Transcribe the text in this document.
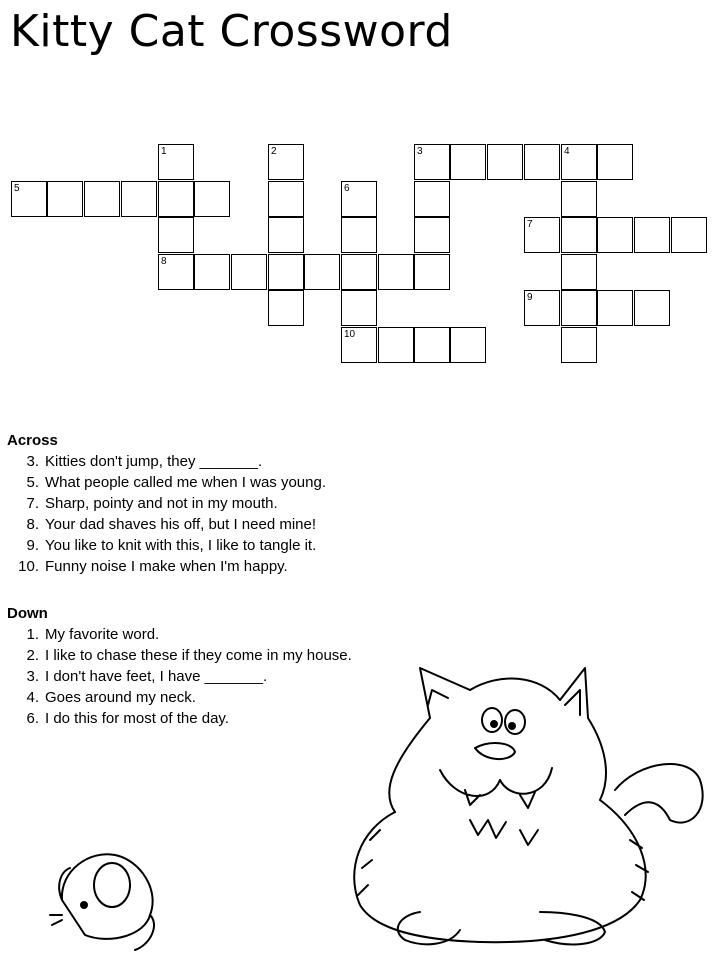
Kitty Cat Crossword
5
3	4
8
7
9
10
1	2
6
Across
3. Kitties don't jump, they _______.
5. What people called me when I was young.
7. Sharp, pointy and not in my mouth.
8. Your dad shaves his off, but I need mine!
9. You like to knit with this, I like to tangle it.
10. Funny noise I make when I'm happy.
Down
1. My favorite word.
2. I like to chase these if they come in my house.
3. I don't have feet, I have _______.
4. Goes around my neck.
6. I do this for most of the day.
